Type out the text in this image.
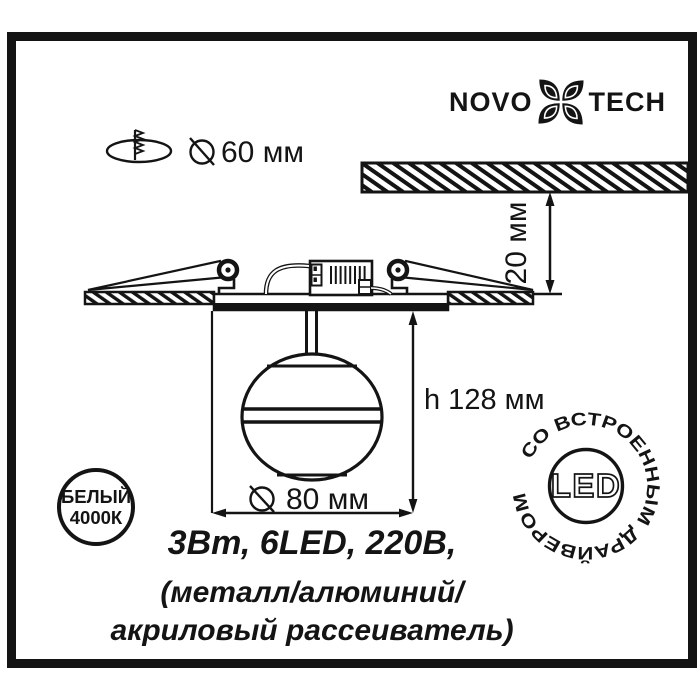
NOVO TECH
60 мм
20 мм
h 128 мм
80 мм

3Вт, 6LED, 220В,

(металл/алюминий/

акриловый рассеиватель)

БЕЛЫЙ
4000К
LED
СО ВСТРОЕННЫМ ДРАЙВЕРОМ
